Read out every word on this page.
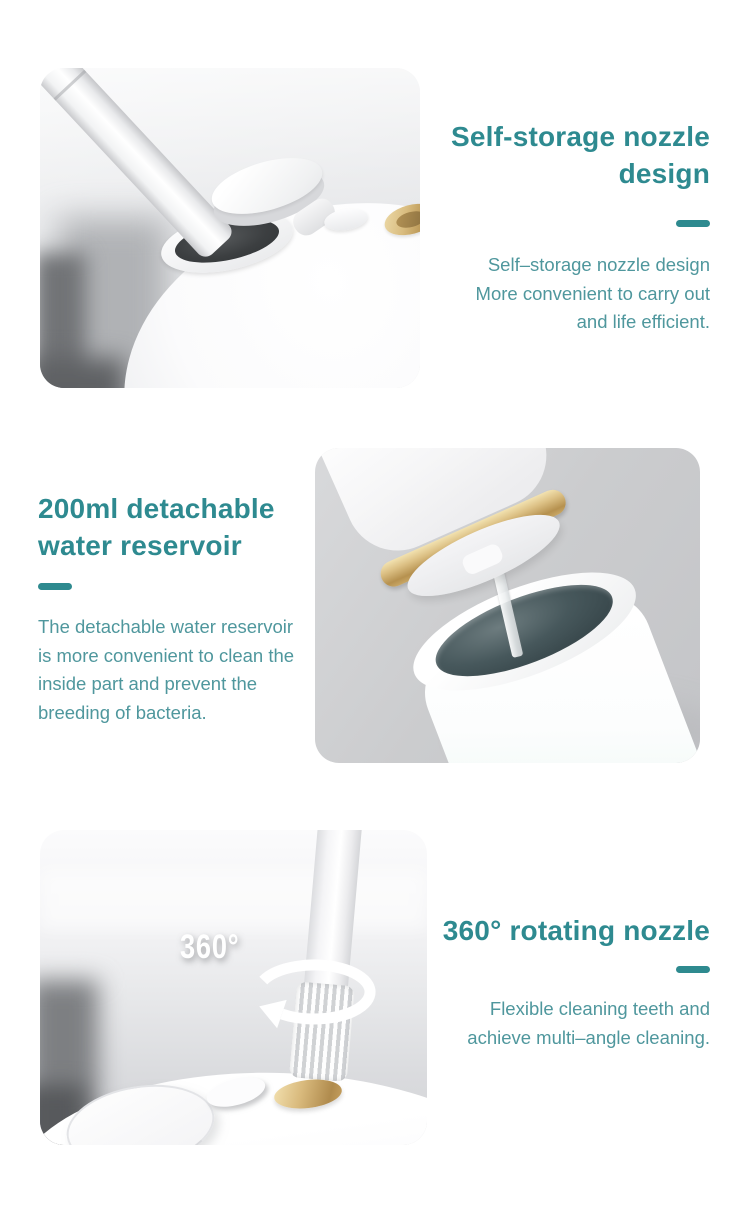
Self-storage nozzle
design

Self–storage nozzle design
More convenient to carry out
and life efficient.

200ml detachable
water reservoir

The detachable water reservoir
is more convenient to clean the
inside part and prevent the
breeding of bacteria.

360°	360° rotating nozzle

Flexible cleaning teeth and
achieve multi–angle cleaning.
